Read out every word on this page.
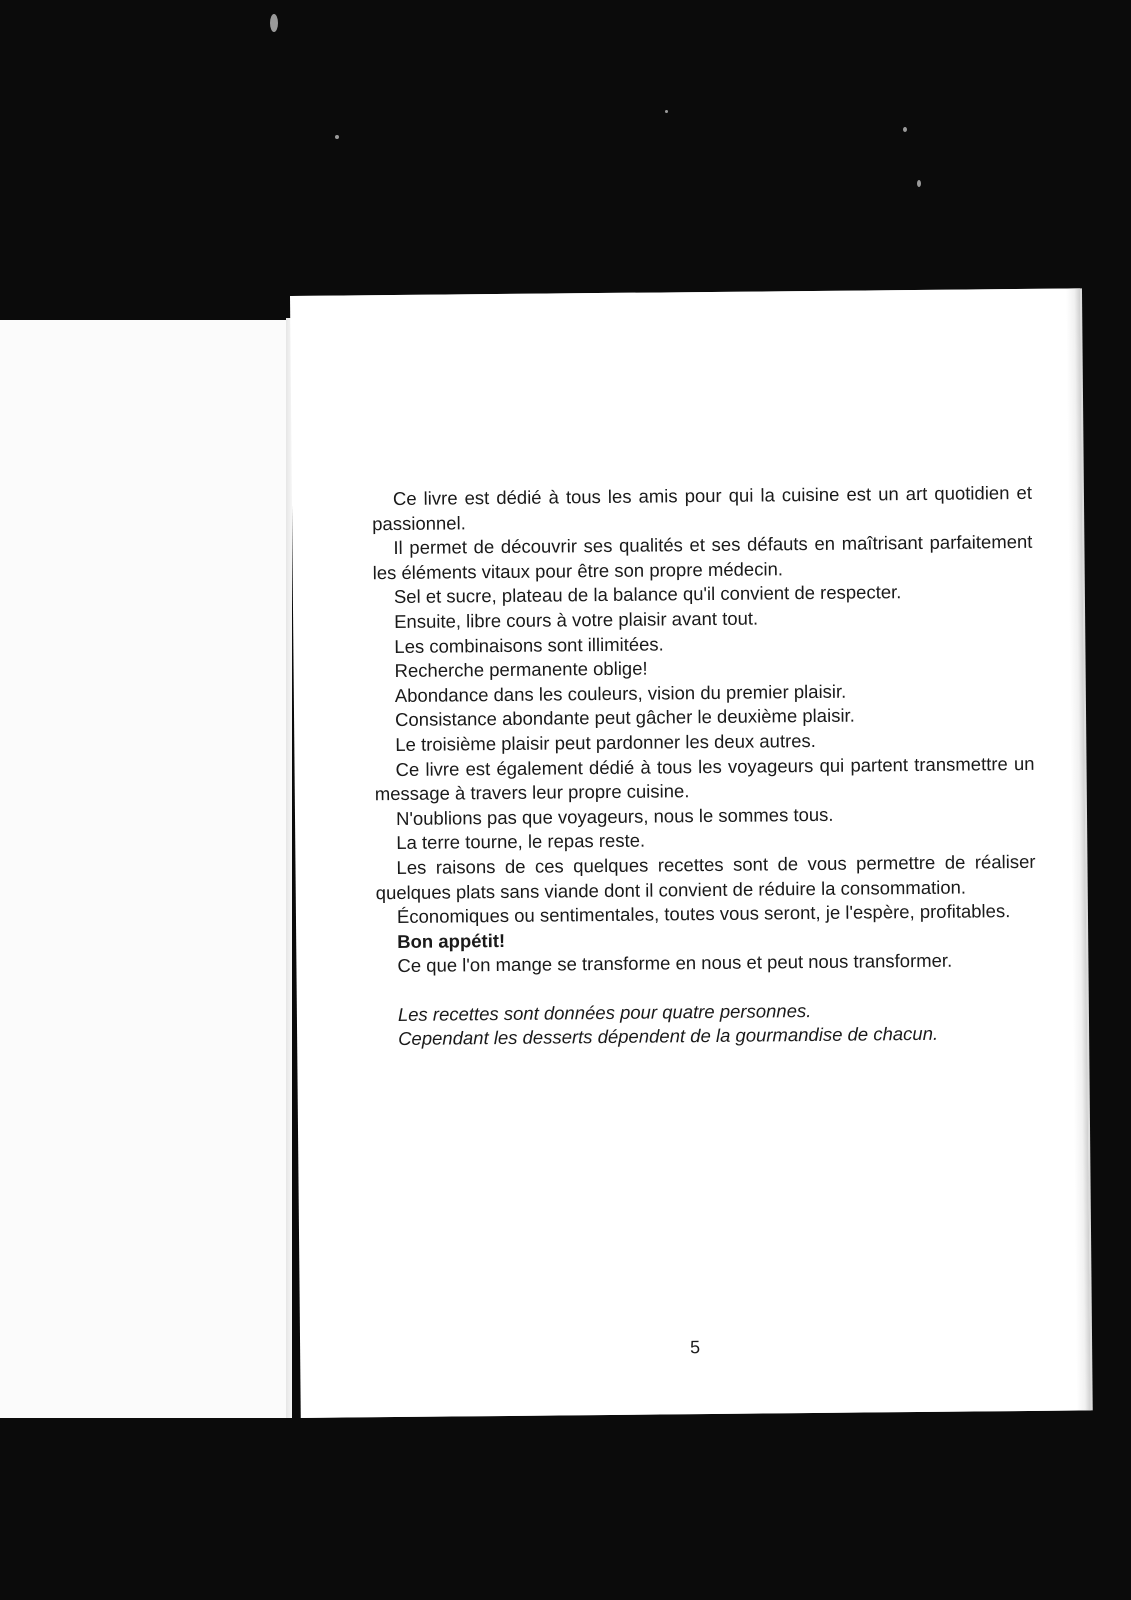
Ce livre est dédié à tous les amis pour qui la cuisine est un art quotidien et passionnel.

Il permet de découvrir ses qualités et ses défauts en maîtrisant parfaitement les éléments vitaux pour être son propre médecin.

Sel et sucre, plateau de la balance qu'il convient de respecter.

Ensuite, libre cours à votre plaisir avant tout.

Les combinaisons sont illimitées.

Recherche permanente oblige!

Abondance dans les couleurs, vision du premier plaisir.

Consistance abondante peut gâcher le deuxième plaisir.

Le troisième plaisir peut pardonner les deux autres.

Ce livre est également dédié à tous les voyageurs qui partent transmettre un message à travers leur propre cuisine.

N'oublions pas que voyageurs, nous le sommes tous.

La terre tourne, le repas reste.

Les raisons de ces quelques recettes sont de vous permettre de réaliser quelques plats sans viande dont il convient de réduire la consommation.

Économiques ou sentimentales, toutes vous seront, je l'espère, profitables.

Bon appétit!

Ce que l'on mange se transforme en nous et peut nous transformer.

Les recettes sont données pour quatre personnes.
Cependant les desserts dépendent de la gourmandise de chacun.
5
